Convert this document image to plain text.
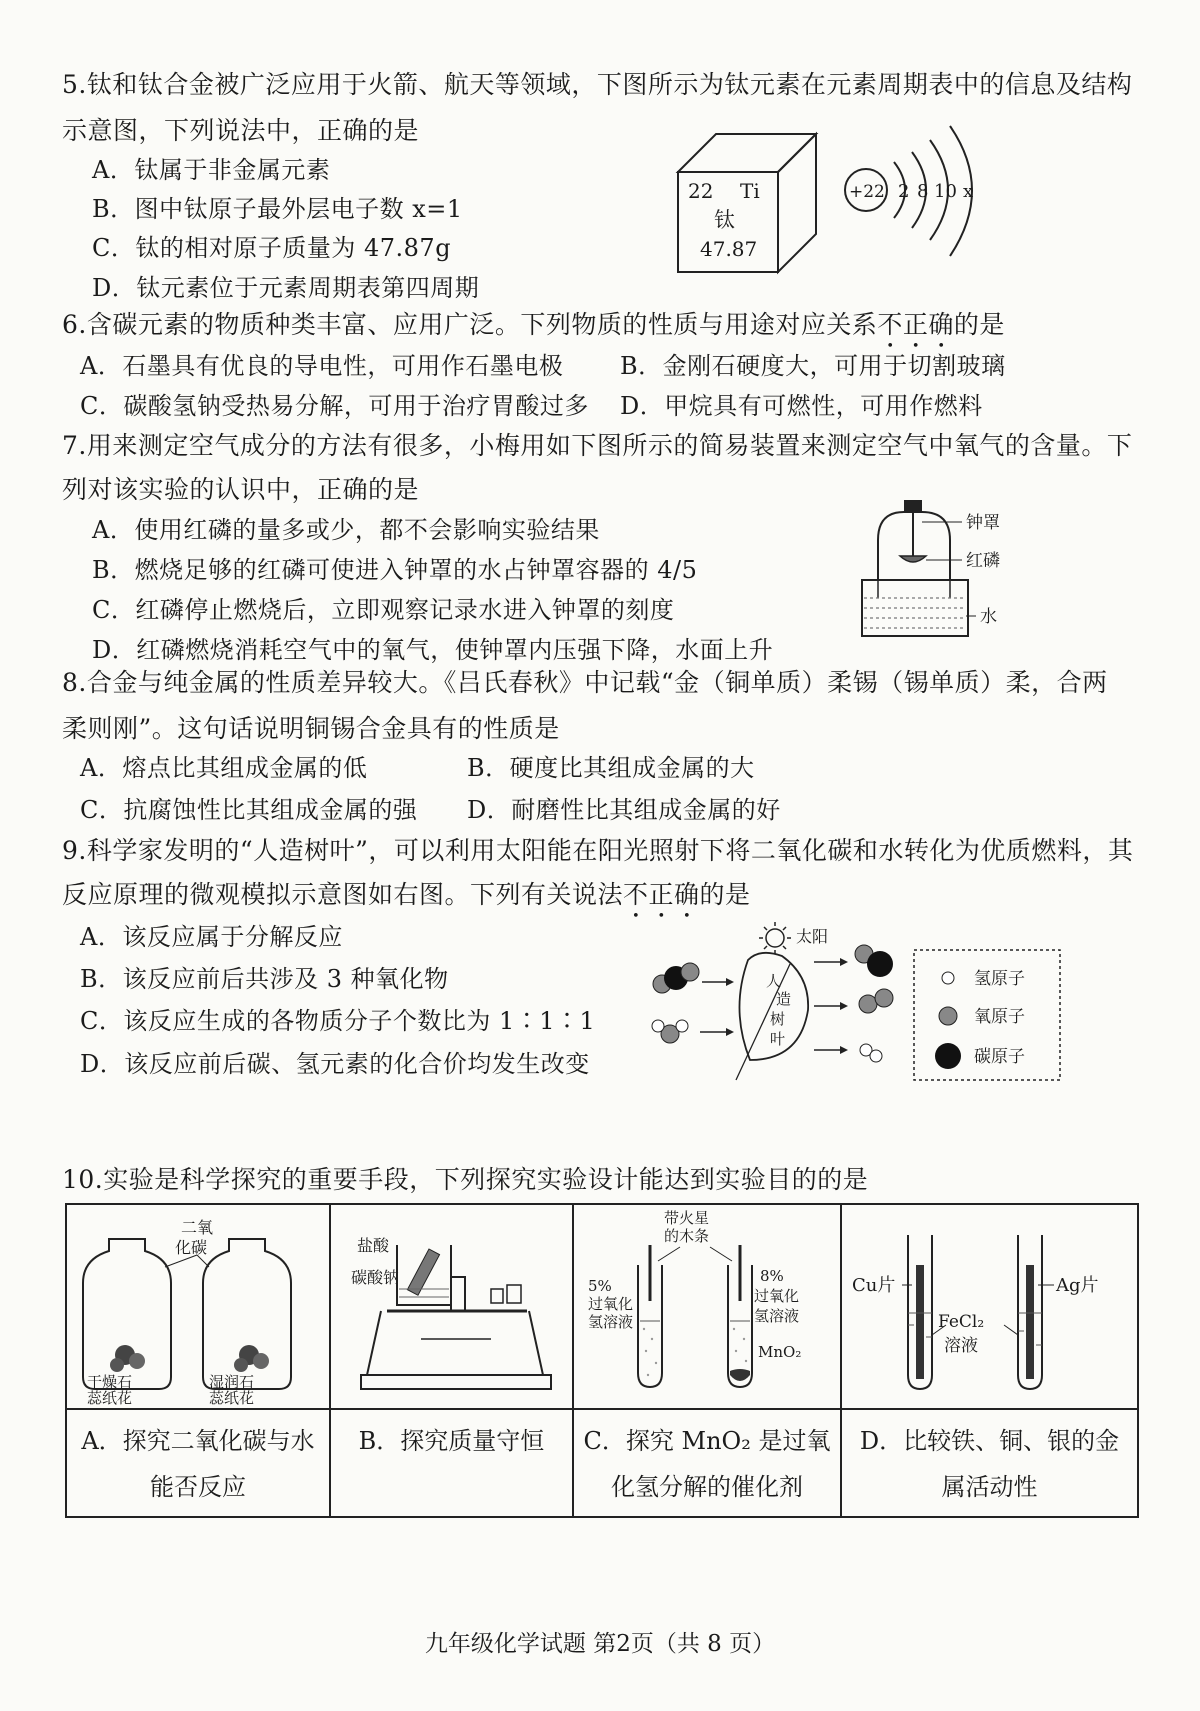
5.钛和钛合金被广泛应用于火箭、航天等领域，下图所示为钛元素在元素周期表中的信息及结构
示意图，下列说法中，正确的是
A．钛属于非金属元素
B．图中钛原子最外层电子数 x=1
C．钛的相对原子质量为 47.87g
D．钛元素位于元素周期表第四周期
22 Ti
钛
47.87
+22 2 8 10 x
6.含碳元素的物质种类丰富、应用广泛。下列物质的性质与用途对应关系不正确的是
A．石墨具有优良的导电性，可用作石墨电极 B．金刚石硬度大，可用于切割玻璃
C．碳酸氢钠受热易分解，可用于治疗胃酸过多 D．甲烷具有可燃性，可用作燃料
7.用来测定空气成分的方法有很多，小梅用如下图所示的简易装置来测定空气中氧气的含量。下
列对该实验的认识中，正确的是
A．使用红磷的量多或少，都不会影响实验结果
B．燃烧足够的红磷可使进入钟罩的水占钟罩容器的 4/5
C．红磷停止燃烧后，立即观察记录水进入钟罩的刻度
D．红磷燃烧消耗空气中的氧气，使钟罩内压强下降，水面上升
钟罩
红磷
水
8.合金与纯金属的性质差异较大。《吕氏春秋》中记载“金（铜单质）柔锡（锡单质）柔，合两
柔则刚”。这句话说明铜锡合金具有的性质是
A．熔点比其组成金属的低	B．硬度比其组成金属的大
C．抗腐蚀性比其组成金属的强 D．耐磨性比其组成金属的好
9.科学家发明的“人造树叶”，可以利用太阳能在阳光照射下将二氧化碳和水转化为优质燃料，其
反应原理的微观模拟示意图如右图。下列有关说法不正确的是
A．该反应属于分解反应
B．该反应前后共涉及 3 种氧化物
C．该反应生成的各物质分子个数比为 1∶1∶1
D．该反应前后碳、氢元素的化合价均发生改变
太阳
人
造
树
叶
氢原子
氧原子
碳原子
10.实验是科学探究的重要手段，下列探究实验设计能达到实验目的的是
二氧
化碳
干燥石
蕊纸花
湿润石
蕊纸花
A．探究二氧化碳与水能否反应
盐酸
碳酸钠
B．探究质量守恒
带火星
的木条
5%
过氧化
氢溶液
8%
过氧化
氢溶液
MnO₂
C．探究 MnO₂ 是过氧化氢分解的催化剂
Cu片	Ag片
FeCl₂
溶液
D．比较铁、铜、银的金属活动性
九年级化学试题 第2页（共 8 页）
